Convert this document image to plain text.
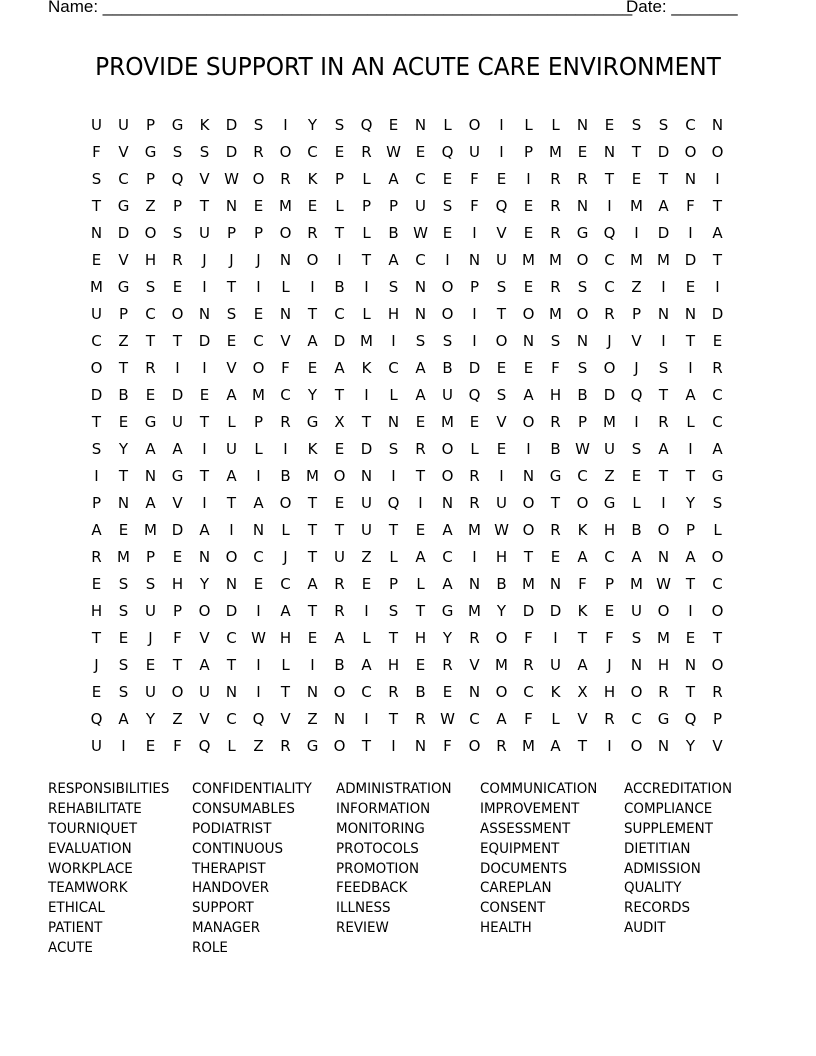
Name: ________________________________________________________
Date: _______
PROVIDE SUPPORT IN AN ACUTE CARE ENVIRONMENT
U	U	P	G	K	D	S	I	Y	S	Q	E	N	L	O	I	L	L	N	E	S	S	C	N
F	V	G	S	S	D	R	O	C	E	R W E	Q	U	I	P	M	E	N	T	D	O	O
S	C	P	Q	V W O	R	K	P	L	A	C	E	F	E	I	R	R	T	E	T	N	I
T	G	Z	P	T	N	E	M	E	L	P	P	U	S	F	Q	E	R	N	I	M	A	F	T
N	D	O	S	U	P	P	O	R	T	L	B W E	I	V	E	R	G	Q	I	D	I	A
E	V	H	R	J	J	J	N	O	I	T	A	C	I	N	U	M M O	C	M M D	T
M G	S	E	I	T	I	L	I	B	I	S	N	O	P	S	E	R	S	C	Z	I	E	I
U	P	C	O	N	S	E	N	T	C	L	H	N	O	I	T	O M O	R	P	N	N	D
C	Z	T	T	D	E	C	V	A	D M	I	S	S	I	O	N	S	N	J	V	I	T	E
O	T	R	I	I	V	O	F	E	A	K	C	A	B	D	E	E	F	S	O	J	S	I	R
D	B	E	D	E	A	M	C	Y	T	I	L	A	U	Q	S	A	H	B	D	Q	T	A	C
T	E	G	U	T	L	P	R	G	X	T	N	E	M	E	V	O	R	P	M	I	R	L	C
S	Y	A	A	I	U	L	I	K	E	D	S	R	O	L	E	I	B W U	S	A	I	A
I	T	N	G	T	A	I	B	M O	N	I	T	O	R	I	N	G	C	Z	E	T	T	G
P	N	A	V	I	T	A	O	T	E	U	Q	I	N	R	U	O	T	O	G	L	I	Y	S
A	E	M D	A	I	N	L	T	T	U	T	E	A	M W O	R	K	H	B	O	P	L
R	M	P	E	N	O	C	J	T	U	Z	L	A	C	I	H	T	E	A	C	A	N	A	O
E	S	S	H	Y	N	E	C	A	R	E	P	L	A	N	B	M N	F	P	M W T	C
H	S	U	P	O	D	I	A	T	R	I	S	T	G M	Y	D	D	K	E	U	O	I	O
T	E	J	F	V	C W H	E	A	L	T	H	Y	R	O	F	I	T	F	S	M	E	T
J	S	E	T	A	T	I	L	I	B	A	H	E	R	V	M	R	U	A	J	N	H	N	O
E	S	U	O	U	N	I	T	N	O	C	R	B	E	N	O	C	K	X	H	O	R	T	R
Q	A	Y	Z	V	C	Q	V	Z	N	I	T	R W C	A	F	L	V	R	C	G	Q	P
U	I	E	F	Q	L	Z	R	G	O	T	I	N	F	O	R	M	A	T	I	O	N	Y	V
RESPONSIBILITIES
REHABILITATE
TOURNIQUET
EVALUATION
WORKPLACE
TEAMWORK
ETHICAL
PATIENT
ACUTE
CONFIDENTIALITY
CONSUMABLES
PODIATRIST
CONTINUOUS
THERAPIST
HANDOVER
SUPPORT
MANAGER
ROLE
ADMINISTRATION
INFORMATION
MONITORING
PROTOCOLS
PROMOTION
FEEDBACK
ILLNESS
REVIEW
COMMUNICATION
IMPROVEMENT
ASSESSMENT
EQUIPMENT
DOCUMENTS
CAREPLAN
CONSENT
HEALTH
ACCREDITATION
COMPLIANCE
SUPPLEMENT
DIETITIAN
ADMISSION
QUALITY
RECORDS
AUDIT
